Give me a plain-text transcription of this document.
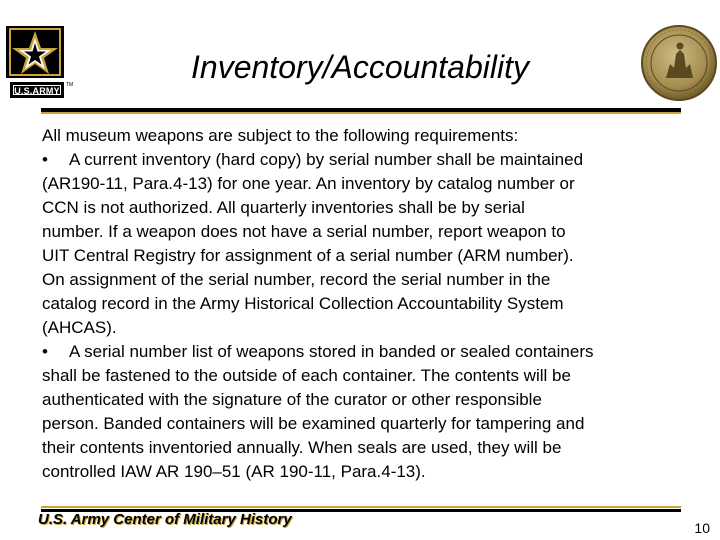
U.S.ARMY
TM	Inventory/Accountability
All museum weapons are subject to the following requirements:
• A current inventory (hard copy) by serial number shall be maintained
(AR190-11, Para.4-13) for one year. An inventory by catalog number or
CCN is not authorized. All quarterly inventories shall be by serial
number. If a weapon does not have a serial number, report weapon to
UIT Central Registry for assignment of a serial number (ARM number).
On assignment of the serial number, record the serial number in the
catalog record in the Army Historical Collection Accountability System
(AHCAS).
• A serial number list of weapons stored in banded or sealed containers
shall be fastened to the outside of each container. The contents will be
authenticated with the signature of the curator or other responsible
person. Banded containers will be examined quarterly for tampering and
their contents inventoried annually. When seals are used, they will be
controlled IAW AR 190–51 (AR 190-11, Para.4-13).
U.S. Army Center of Military History	10
